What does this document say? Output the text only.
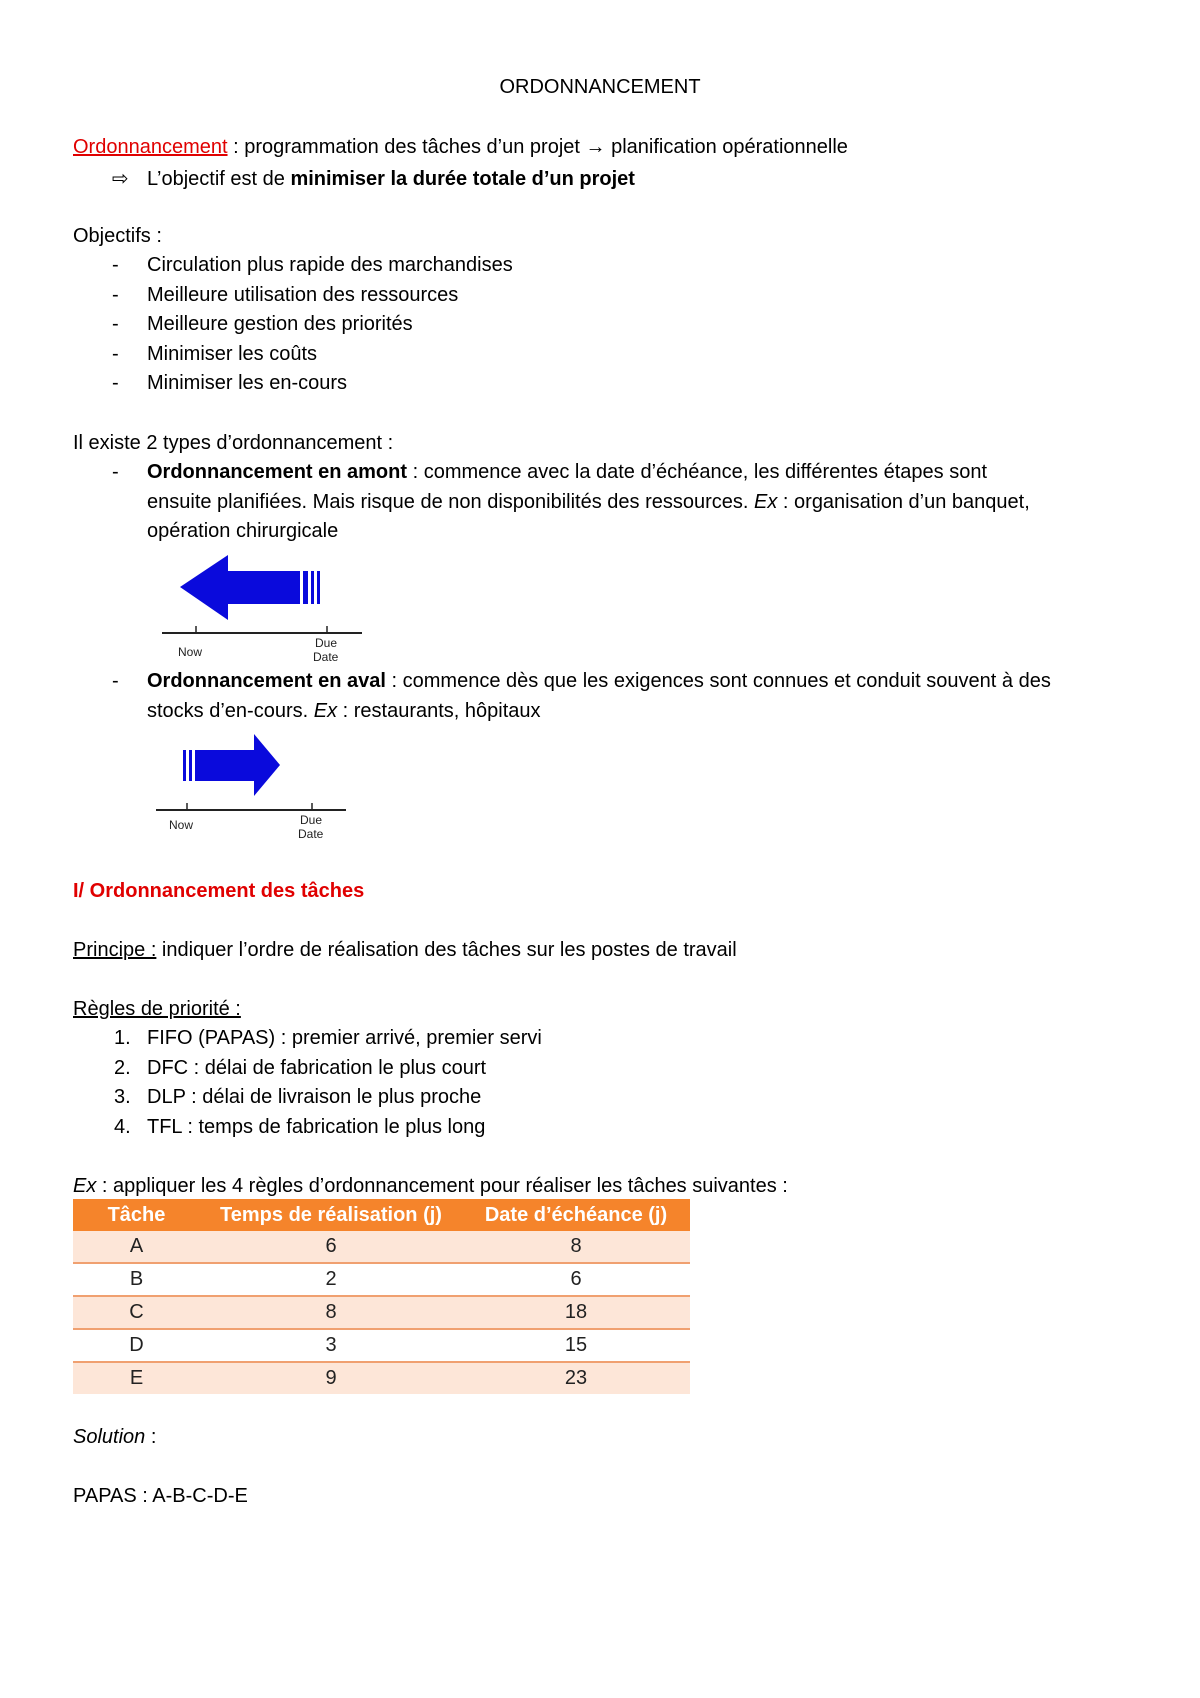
ORDONNANCEMENT
Ordonnancement : programmation des tâches d’un projet → planification opérationnelle
⇨ L’objectif est de minimiser la durée totale d’un projet
Objectifs :
- Circulation plus rapide des marchandises
- Meilleure utilisation des ressources
- Meilleure gestion des priorités
- Minimiser les coûts
- Minimiser les en-cours
Il existe 2 types d’ordonnancement :
- Ordonnancement en amont : commence avec la date d’échéance, les différentes étapes sont
ensuite planifiées. Mais risque de non disponibilités des ressources. Ex : organisation d’un banquet,
opération chirurgicale
Now
Due
Date
- Ordonnancement en aval : commence dès que les exigences sont connues et conduit souvent à des
stocks d’en-cours. Ex : restaurants, hôpitaux
Now	Due
Date
I/ Ordonnancement des tâches
Principe : indiquer l’ordre de réalisation des tâches sur les postes de travail
Règles de priorité :
1. FIFO (PAPAS) : premier arrivé, premier servi
2. DFC : délai de fabrication le plus court
3. DLP : délai de livraison le plus proche
4. TFL : temps de fabrication le plus long
Ex : appliquer les 4 règles d’ordonnancement pour réaliser les tâches suivantes :
Tâche	Temps de réalisation (j)	Date d’échéance (j)
A	6	8
B	2	6
C	8	18
D	3	15
E	9	23
Solution :
PAPAS : A-B-C-D-E
